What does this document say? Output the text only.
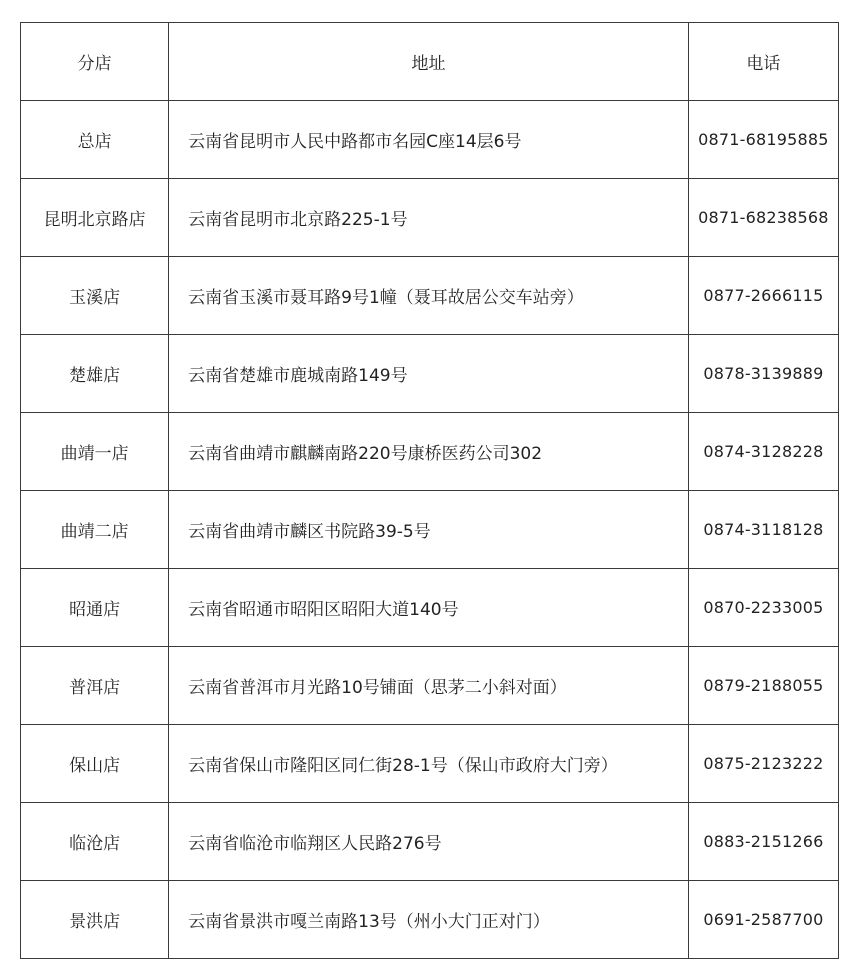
分店	地址	电话
总店	云南省昆明市人民中路都市名园C座14层6号	0871-68195885
昆明北京路店	云南省昆明市北京路225-1号	0871-68238568
玉溪店	云南省玉溪市聂耳路9号1幢（聂耳故居公交车站旁）	0877-2666115
楚雄店	云南省楚雄市鹿城南路149号	0878-3139889
曲靖一店	云南省曲靖市麒麟南路220号康桥医药公司302	0874-3128228
曲靖二店	云南省曲靖市麟区书院路39-5号	0874-3118128
昭通店	云南省昭通市昭阳区昭阳大道140号	0870-2233005
普洱店	云南省普洱市月光路10号铺面（思茅二小斜对面）	0879-2188055
保山店	云南省保山市隆阳区同仁街28-1号（保山市政府大门旁）	0875-2123222
临沧店	云南省临沧市临翔区人民路276号	0883-2151266
景洪店	云南省景洪市嘎兰南路13号（州小大门正对门）	0691-2587700
